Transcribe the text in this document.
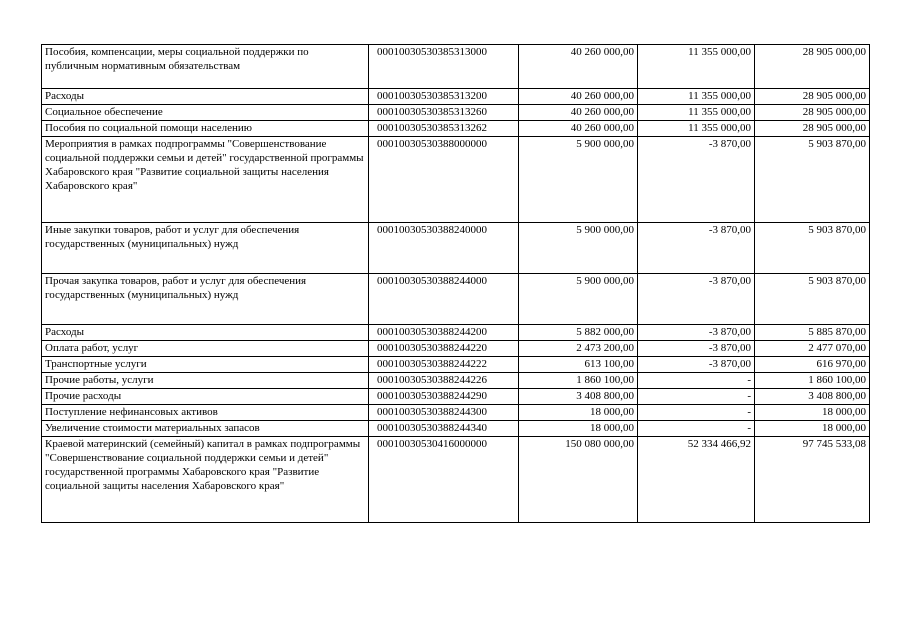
Пособия, компенсации, меры социальной поддержки по публичным нормативным обязательствам	00010030530385313000	40 260 000,00	11 355 000,00	28 905 000,00
Расходы	00010030530385313200	40 260 000,00	11 355 000,00	28 905 000,00
Социальное обеспечение	00010030530385313260	40 260 000,00	11 355 000,00	28 905 000,00
Пособия по социальной помощи населению	00010030530385313262	40 260 000,00	11 355 000,00	28 905 000,00
Мероприятия в рамках подпрограммы "Совершенствование социальной поддержки семьи и детей" государственной программы Хабаровского края "Развитие социальной защиты населения Хабаровского края"	00010030530388000000	5 900 000,00	-3 870,00	5 903 870,00
Иные закупки товаров, работ и услуг для обеспечения государственных (муниципальных) нужд	00010030530388240000	5 900 000,00	-3 870,00	5 903 870,00
Прочая закупка товаров, работ и услуг для обеспечения государственных (муниципальных) нужд	00010030530388244000	5 900 000,00	-3 870,00	5 903 870,00
Расходы	00010030530388244200	5 882 000,00	-3 870,00	5 885 870,00
Оплата работ, услуг	00010030530388244220	2 473 200,00	-3 870,00	2 477 070,00
Транспортные услуги	00010030530388244222	613 100,00	-3 870,00	616 970,00
Прочие работы, услуги	00010030530388244226	1 860 100,00	-	1 860 100,00
Прочие расходы	00010030530388244290	3 408 800,00	-	3 408 800,00
Поступление нефинансовых активов	00010030530388244300	18 000,00	-	18 000,00
Увеличение стоимости материальных запасов	00010030530388244340	18 000,00	-	18 000,00
Краевой материнский (семейный) капитал в рамках подпрограммы "Совершенствование социальной поддержки семьи и детей" государственной программы Хабаровского края "Развитие социальной защиты населения Хабаровского края"	00010030530416000000	150 080 000,00	52 334 466,92	97 745 533,08
